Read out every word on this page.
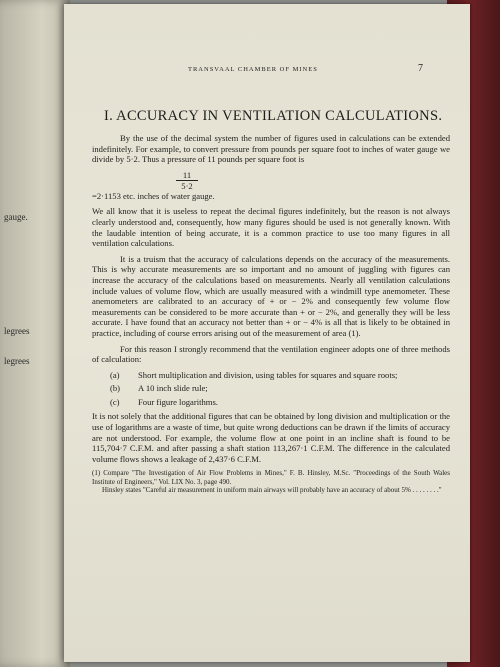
gauge.
legrees
legrees
TRANSVAAL CHAMBER OF MINES	7
I. ACCURACY IN VENTILATION CALCULATIONS.

By the use of the decimal system the number of figures used in calculations can be extended indefinitely. For example, to convert pressure from pounds per square foot to inches of water gauge we divide by 5·2. Thus a pressure of 11 pounds per square foot is

11
5·2

=2·1153 etc. inches of water gauge.

We all know that it is useless to repeat the decimal figures indefinitely, but the reason is not always clearly understood and, consequently, how many figures should be used is not generally known. With the laudable intention of being accurate, it is a common practice to use too many figures in all ventilation calculations.

It is a truism that the accuracy of calculations depends on the accuracy of the measurements. This is why accurate measurements are so important and no amount of juggling with figures can increase the accuracy of the calculations based on measurements. Nearly all ventilation calculations include values of volume flow, which are usually measured with a windmill type anemometer. These anemometers are calibrated to an accuracy of + or − 2% and consequently few volume flow measurements can be considered to be more accurate than + or − 2%, and generally they will be less accurate. I have found that an accuracy not better than + or − 4% is all that is likely to be obtained in practice, including of course errors arising out of the measurement of area (1).

For this reason I strongly recommend that the ventilation engineer adopts one of three methods of calculation:

(a) Short multiplication and division, using tables for squares and square roots;
(b) A 10 inch slide rule;
(c) Four figure logarithms.

It is not solely that the additional figures that can be obtained by long division and multiplication or the use of logarithms are a waste of time, but quite wrong deductions can be drawn if the limits of accuracy are not understood. For example, the volume flow at one point in an incline shaft is found to be 115,704·7 C.F.M. and after passing a shaft station 113,267·1 C.F.M. The difference in the calculated volume flows shows a leakage of 2,437·6 C.F.M.

(1) Compare "The Investigation of Air Flow Problems in Mines," F. B. Hinsley, M.Sc. "Proceedings of the South Wales Institute of Engineers," Vol. LIX No. 3, page 490.
Hinsley states "Careful air measurement in uniform main airways will probably have an accuracy of about 5% . . . . . . . ."
